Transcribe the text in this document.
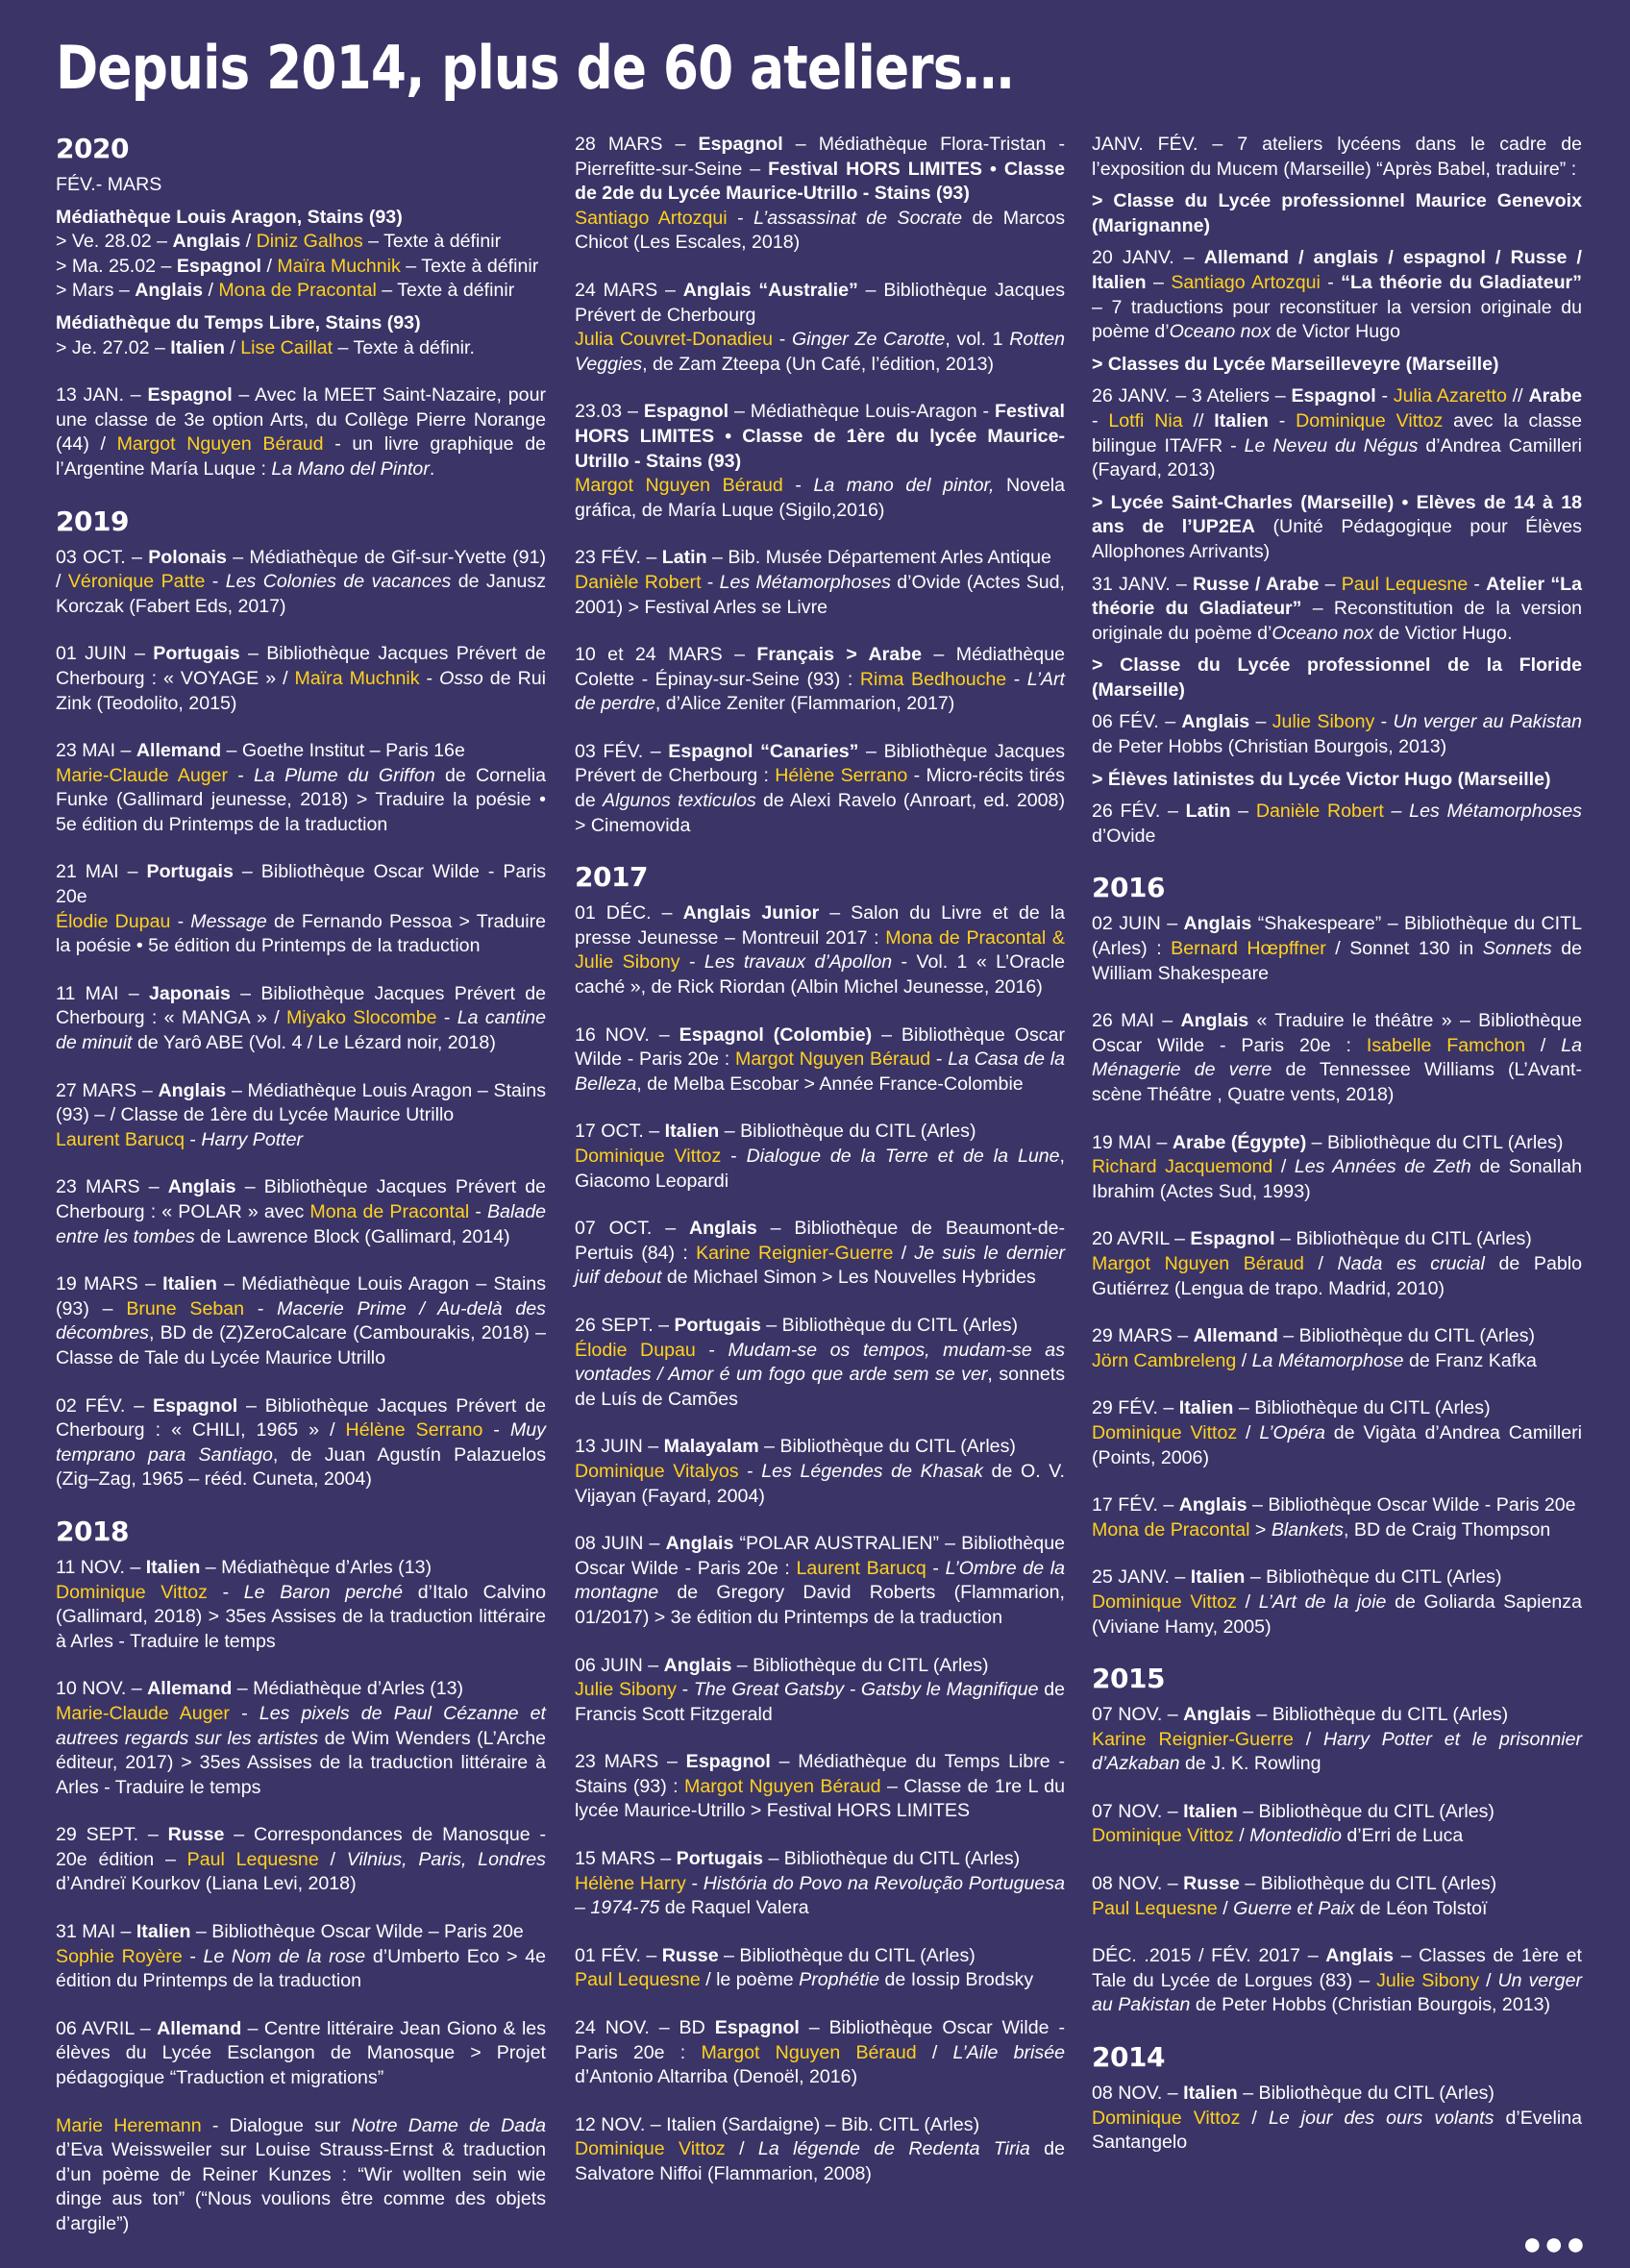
Depuis 2014, plus de 60 ateliers…
2020

FÉV.- MARS

Médiathèque Louis Aragon, Stains (93)
> Ve. 28.02 – Anglais / Diniz Galhos – Texte à définir
> Ma. 25.02 – Espagnol / Maïra Muchnik – Texte à définir
> Mars – Anglais / Mona de Pracontal – Texte à définir

Médiathèque du Temps Libre, Stains (93)
> Je. 27.02 – Italien / Lise Caillat – Texte à définir.

13 JAN. – Espagnol – Avec la MEET Saint-Nazaire, pour une classe de 3e option Arts, du Collège Pierre Norange (44) / Margot Nguyen Béraud - un livre graphique de l’Argentine María Luque : La Mano del Pintor.

2019

03 OCT. – Polonais – Médiathèque de Gif-sur-Yvette (91) / Véronique Patte - Les Colonies de vacances de Janusz Korczak (Fabert Eds, 2017)

01 JUIN – Portugais – Bibliothèque Jacques Prévert de Cherbourg : « VOYAGE » / Maïra Muchnik - Osso de Rui Zink (Teodolito, 2015)

23 MAI – Allemand – Goethe Institut – Paris 16e
Marie-Claude Auger - La Plume du Griffon de Cornelia Funke (Gallimard jeunesse, 2018) > Traduire la poésie • 5e édition du Printemps de la traduction

21 MAI – Portugais – Bibliothèque Oscar Wilde - Paris 20e
Élodie Dupau - Message de Fernando Pessoa > Traduire la poésie • 5e édition du Printemps de la traduction

11 MAI – Japonais – Bibliothèque Jacques Prévert de Cherbourg : « MANGA » / Miyako Slocombe - La cantine de minuit de Yarô ABE (Vol. 4 / Le Lézard noir, 2018)

27 MARS – Anglais – Médiathèque Louis Aragon – Stains (93) – / Classe de 1ère du Lycée Maurice Utrillo
Laurent Barucq - Harry Potter

23 MARS – Anglais – Bibliothèque Jacques Prévert de Cherbourg : « POLAR » avec Mona de Pracontal - Balade entre les tombes de Lawrence Block (Gallimard, 2014)

19 MARS – Italien – Médiathèque Louis Aragon – Stains (93) – Brune Seban - Macerie Prime / Au-delà des décombres, BD de (Z)ZeroCalcare (Cambourakis, 2018) – Classe de Tale du Lycée Maurice Utrillo

02 FÉV. – Espagnol – Bibliothèque Jacques Prévert de Cherbourg : « CHILI, 1965 » / Hélène Serrano - Muy temprano para Santiago, de Juan Agustín Palazuelos (Zig–Zag, 1965 – rééd. Cuneta, 2004)

2018

11 NOV. – Italien – Médiathèque d’Arles (13)
Dominique Vittoz - Le Baron perché d’Italo Calvino (Gallimard, 2018) > 35es Assises de la traduction littéraire à Arles - Traduire le temps

10 NOV. – Allemand – Médiathèque d’Arles (13)
Marie-Claude Auger - Les pixels de Paul Cézanne et autrees regards sur les artistes de Wim Wenders (L’Arche éditeur, 2017) > 35es Assises de la traduction littéraire à Arles - Traduire le temps

29 SEPT. – Russe – Correspondances de Manosque - 20e édition – Paul Lequesne / Vilnius, Paris, Londres d’Andreï Kourkov (Liana Levi, 2018)

31 MAI – Italien – Bibliothèque Oscar Wilde – Paris 20e
Sophie Royère - Le Nom de la rose d’Umberto Eco > 4e édition du Printemps de la traduction

06 AVRIL – Allemand – Centre littéraire Jean Giono & les élèves du Lycée Esclangon de Manosque > Projet pédagogique “Traduction et migrations”

Marie Heremann - Dialogue sur Notre Dame de Dada d’Eva Weissweiler sur Louise Strauss-Ernst & traduction d’un poème de Reiner Kunzes : “Wir wollten sein wie dinge aus ton” (“Nous voulions être comme des objets d’argile”)

28 MARS – Espagnol – Médiathèque Flora-Tristan - Pierrefitte-sur-Seine – Festival HORS LIMITES • Classe de 2de du Lycée Maurice-Utrillo - Stains (93)
Santiago Artozqui - L’assassinat de Socrate de Marcos Chicot (Les Escales, 2018)

24 MARS – Anglais “Australie” – Bibliothèque Jacques Prévert de Cherbourg
Julia Couvret-Donadieu - Ginger Ze Carotte, vol. 1 Rotten Veggies, de Zam Zteepa (Un Café, l’édition, 2013)

23.03 – Espagnol – Médiathèque Louis-Aragon - Festival HORS LIMITES • Classe de 1ère du lycée Maurice-Utrillo - Stains (93)
Margot Nguyen Béraud - La mano del pintor, Novela gráfica, de María Luque (Sigilo,2016)

23 FÉV. – Latin – Bib. Musée Département Arles Antique
Danièle Robert - Les Métamorphoses d’Ovide (Actes Sud, 2001) > Festival Arles se Livre

10 et 24 MARS – Français > Arabe – Médiathèque Colette - Épinay-sur-Seine (93) : Rima Bedhouche - L’Art de perdre, d’Alice Zeniter (Flammarion, 2017)

03 FÉV. – Espagnol “Canaries” – Bibliothèque Jacques Prévert de Cherbourg : Hélène Serrano - Micro-récits tirés de Algunos texticulos de Alexi Ravelo (Anroart, ed. 2008) > Cinemovida

2017

01 DÉC. – Anglais Junior – Salon du Livre et de la presse Jeunesse – Montreuil 2017 : Mona de Pracontal & Julie Sibony - Les travaux d’Apollon - Vol. 1 « L’Oracle caché », de Rick Riordan (Albin Michel Jeunesse, 2016)

16 NOV. – Espagnol (Colombie) – Bibliothèque Oscar Wilde - Paris 20e : Margot Nguyen Béraud - La Casa de la Belleza, de Melba Escobar > Année France-Colombie

17 OCT. – Italien – Bibliothèque du CITL (Arles)
Dominique Vittoz - Dialogue de la Terre et de la Lune, Giacomo Leopardi

07 OCT. – Anglais – Bibliothèque de Beaumont-de-Pertuis (84) : Karine Reignier-Guerre / Je suis le dernier juif debout de Michael Simon > Les Nouvelles Hybrides

26 SEPT. – Portugais – Bibliothèque du CITL (Arles)
Élodie Dupau - Mudam-se os tempos, mudam-se as vontades / Amor é um fogo que arde sem se ver, sonnets de Luís de Camões

13 JUIN – Malayalam – Bibliothèque du CITL (Arles)
Dominique Vitalyos - Les Légendes de Khasak de O. V. Vijayan (Fayard, 2004)

08 JUIN – Anglais “POLAR AUSTRALIEN” – Bibliothèque Oscar Wilde - Paris 20e : Laurent Barucq - L’Ombre de la montagne de Gregory David Roberts (Flammarion, 01/2017) > 3e édition du Printemps de la traduction

06 JUIN – Anglais – Bibliothèque du CITL (Arles)
Julie Sibony - The Great Gatsby - Gatsby le Magnifique de Francis Scott Fitzgerald

23 MARS – Espagnol – Médiathèque du Temps Libre - Stains (93) : Margot Nguyen Béraud – Classe de 1re L du lycée Maurice-Utrillo > Festival HORS LIMITES

15 MARS – Portugais – Bibliothèque du CITL (Arles)
Hélène Harry - História do Povo na Revolução Portuguesa – 1974-75 de Raquel Valera

01 FÉV. – Russe – Bibliothèque du CITL (Arles)
Paul Lequesne / le poème Prophétie de Iossip Brodsky

24 NOV. – BD Espagnol – Bibliothèque Oscar Wilde - Paris 20e : Margot Nguyen Béraud / L’Aile brisée d’Antonio Altarriba (Denoël, 2016)

12 NOV. – Italien (Sardaigne) – Bib. CITL (Arles)
Dominique Vittoz / La légende de Redenta Tiria de Salvatore Niffoi (Flammarion, 2008)

JANV. FÉV. – 7 ateliers lycéens dans le cadre de l’exposition du Mucem (Marseille) “Après Babel, traduire” :

> Classe du Lycée professionnel Maurice Genevoix (Marignanne)

20 JANV. – Allemand / anglais / espagnol / Russe / Italien – Santiago Artozqui - “La théorie du Gladiateur” – 7 traductions pour reconstituer la version originale du poème d’Oceano nox de Victor Hugo

> Classes du Lycée Marseilleveyre (Marseille)

26 JANV. – 3 Ateliers – Espagnol - Julia Azaretto // Arabe - Lotfi Nia // Italien - Dominique Vittoz avec la classe bilingue ITA/FR - Le Neveu du Négus d’Andrea Camilleri (Fayard, 2013)

> Lycée Saint-Charles (Marseille) • Elèves de 14 à 18 ans de l’UP2EA (Unité Pédagogique pour Élèves Allophones Arrivants)

31 JANV. – Russe / Arabe – Paul Lequesne - Atelier “La théorie du Gladiateur” – Reconstitution de la version originale du poème d’Oceano nox de Victior Hugo.

> Classe du Lycée professionnel de la Floride (Marseille)

06 FÉV. – Anglais – Julie Sibony - Un verger au Pakistan de Peter Hobbs (Christian Bourgois, 2013)

> Élèves latinistes du Lycée Victor Hugo (Marseille)

26 FÉV. – Latin – Danièle Robert – Les Métamorphoses d’Ovide

2016

02 JUIN – Anglais “Shakespeare” – Bibliothèque du CITL (Arles) : Bernard Hœpffner / Sonnet 130 in Sonnets de William Shakespeare

26 MAI – Anglais « Traduire le théâtre » – Bibliothèque Oscar Wilde - Paris 20e : Isabelle Famchon / La Ménagerie de verre de Tennessee Williams (L’Avant-scène Théâtre , Quatre vents, 2018)

19 MAI – Arabe (Égypte) – Bibliothèque du CITL (Arles)
Richard Jacquemond / Les Années de Zeth de Sonallah Ibrahim (Actes Sud, 1993)

20 AVRIL – Espagnol – Bibliothèque du CITL (Arles)
Margot Nguyen Béraud / Nada es crucial de Pablo Gutiérrez (Lengua de trapo. Madrid, 2010)

29 MARS – Allemand – Bibliothèque du CITL (Arles)
Jörn Cambreleng / La Métamorphose de Franz Kafka

29 FÉV. – Italien – Bibliothèque du CITL (Arles)
Dominique Vittoz / L’Opéra de Vigàta d’Andrea Camilleri (Points, 2006)

17 FÉV. – Anglais – Bibliothèque Oscar Wilde - Paris 20e
Mona de Pracontal > Blankets, BD de Craig Thompson

25 JANV. – Italien – Bibliothèque du CITL (Arles)
Dominique Vittoz / L’Art de la joie de Goliarda Sapienza (Viviane Hamy, 2005)

2015

07 NOV. – Anglais – Bibliothèque du CITL (Arles)
Karine Reignier-Guerre / Harry Potter et le prisonnier d’Azkaban de J. K. Rowling

07 NOV. – Italien – Bibliothèque du CITL (Arles)
Dominique Vittoz / Montedidio d’Erri de Luca

08 NOV. – Russe – Bibliothèque du CITL (Arles)
Paul Lequesne / Guerre et Paix de Léon Tolstoï

DÉC. .2015 / FÉV. 2017 – Anglais – Classes de 1ère et Tale du Lycée de Lorgues (83) – Julie Sibony / Un verger au Pakistan de Peter Hobbs (Christian Bourgois, 2013)

2014

08 NOV. – Italien – Bibliothèque du CITL (Arles)
Dominique Vittoz / Le jour des ours volants d’Evelina Santangelo

●●●
